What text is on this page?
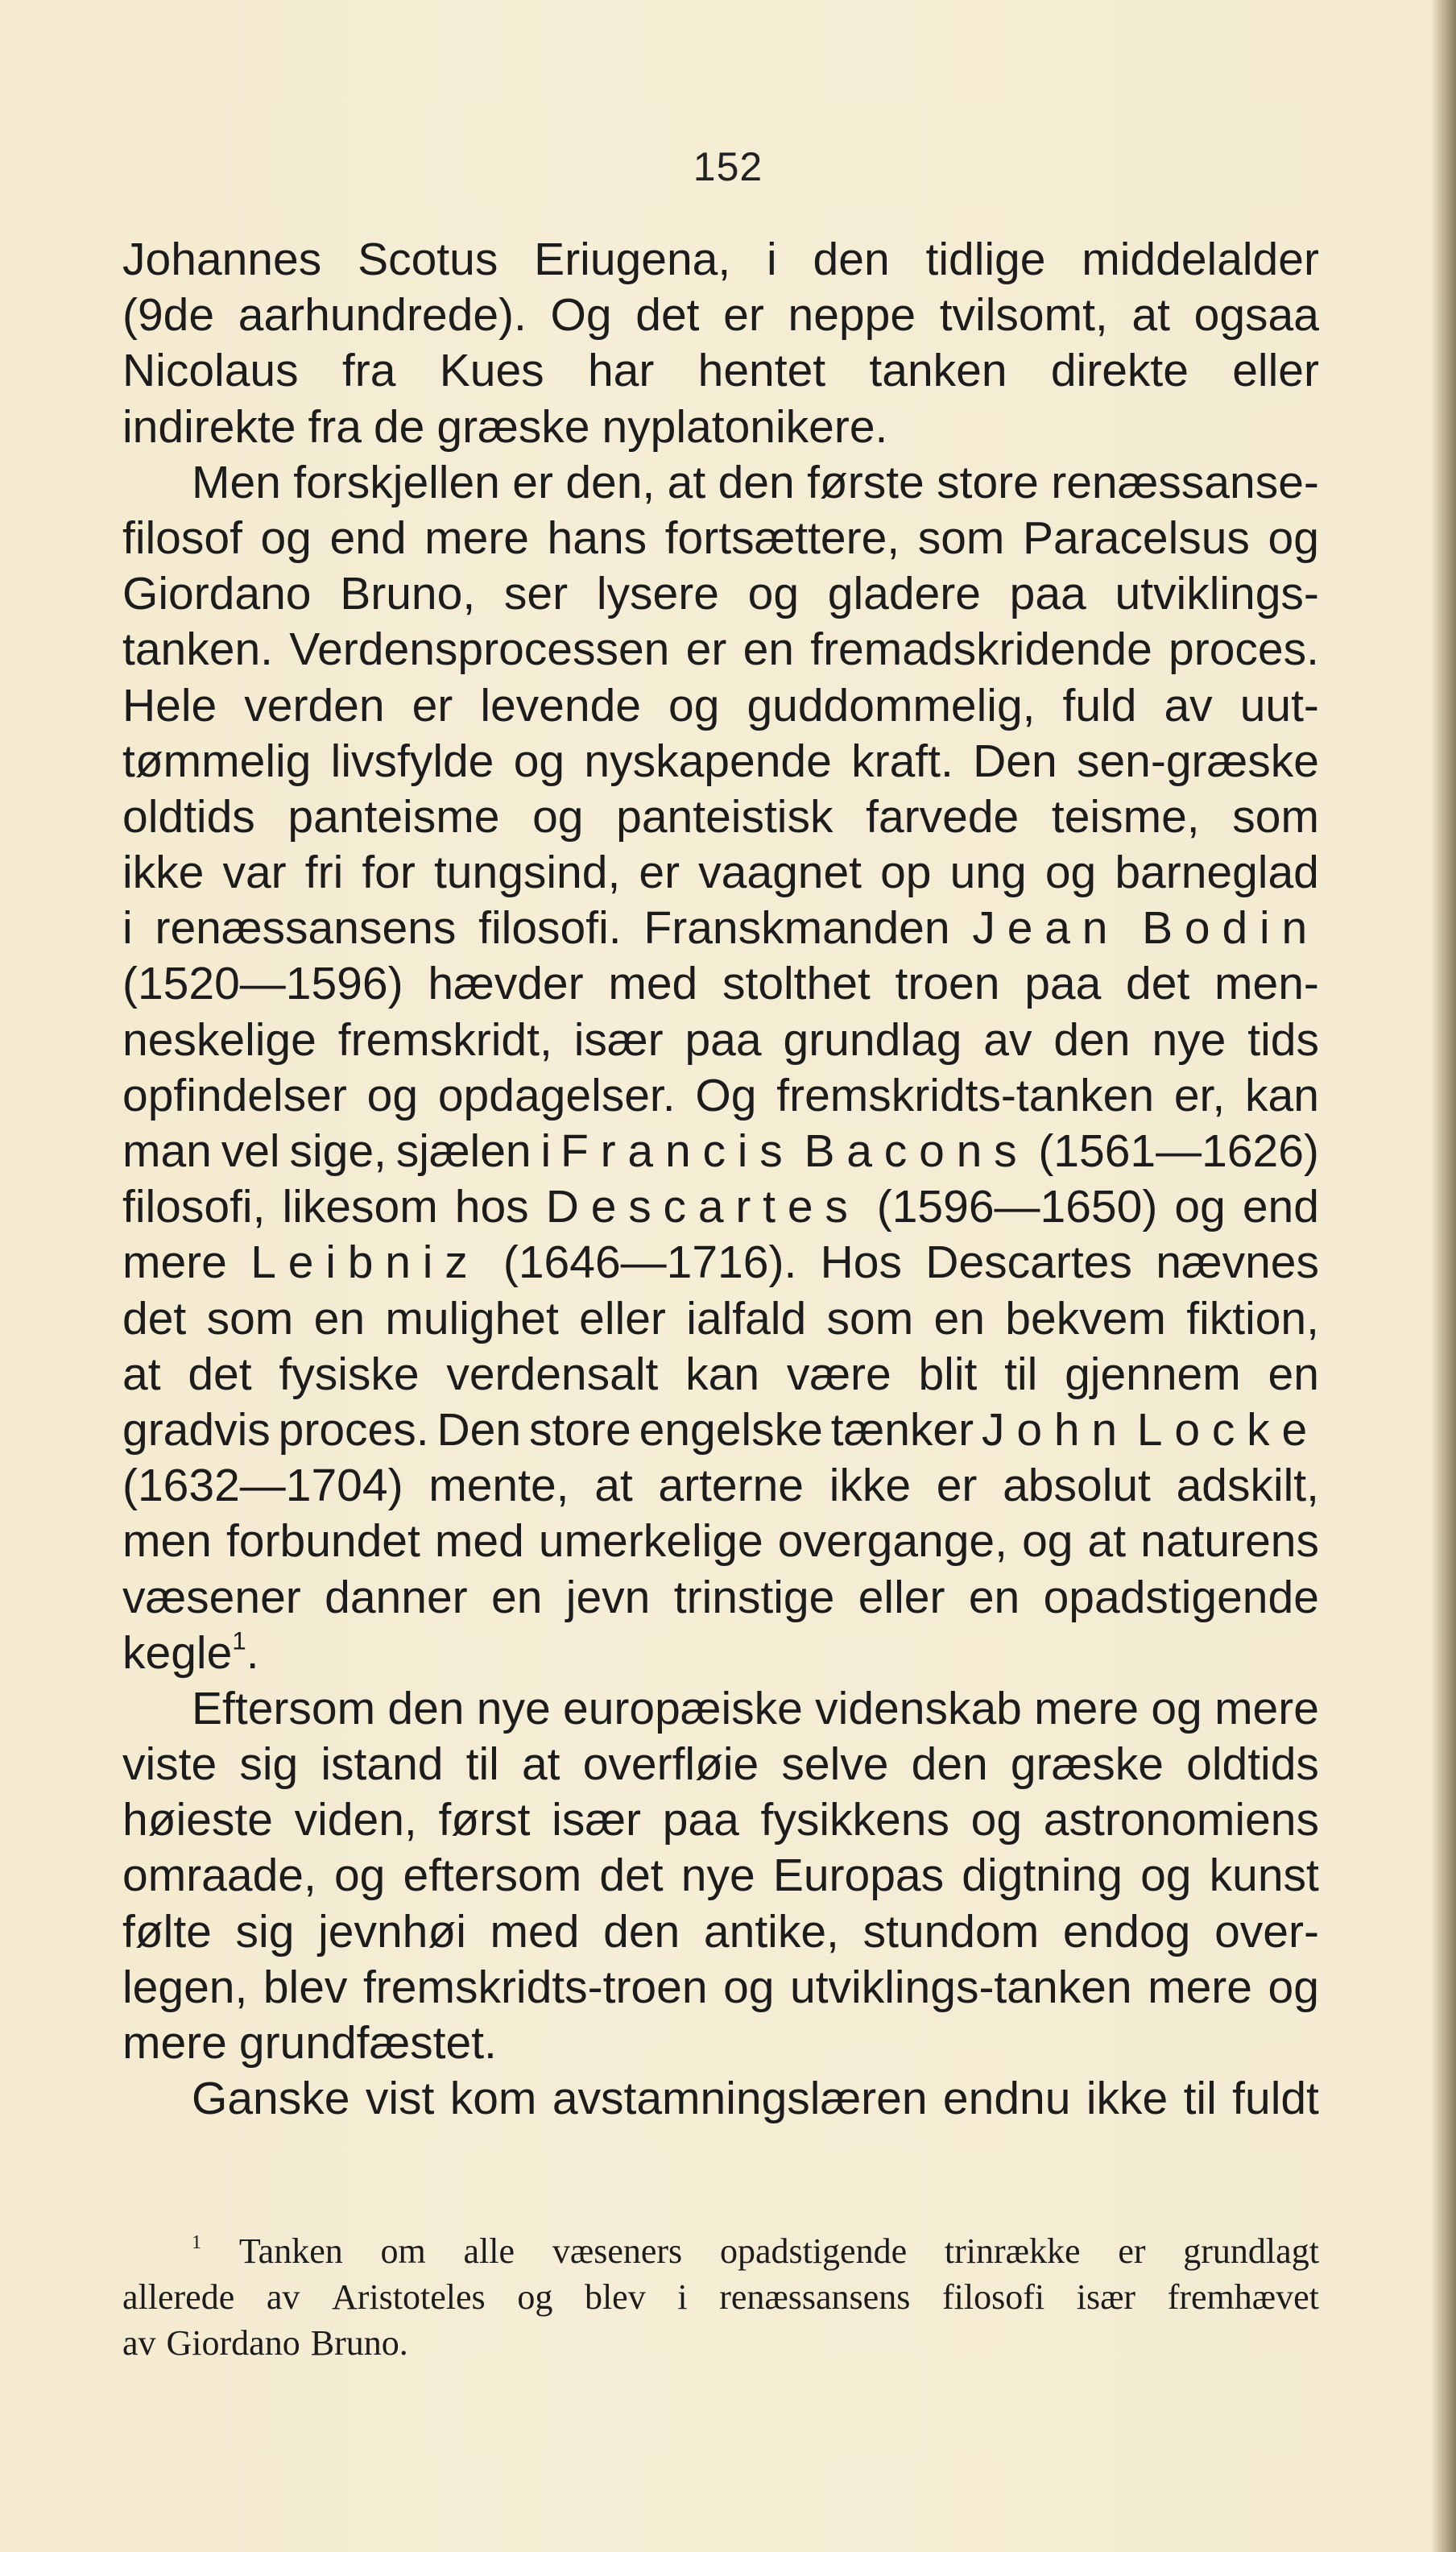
152
Johannes Scotus Eriugena, i den tidlige middelalder
(9de aarhundrede). Og det er neppe tvilsomt, at ogsaa
Nicolaus fra Kues har hentet tanken direkte eller
indirekte fra de græske nyplatonikere.
Men forskjellen er den, at den første store renæssanse-
filosof og end mere hans fortsættere, som Paracelsus og
Giordano Bruno, ser lysere og gladere paa utviklings-
tanken. Verdensprocessen er en fremadskridende proces.
Hele verden er levende og guddommelig, fuld av uut-
tømmelig livsfylde og nyskapende kraft. Den sen-græske
oldtids panteisme og panteistisk farvede teisme, som
ikke var fri for tungsind, er vaagnet op ung og barneglad
i renæssansens filosofi. Franskmanden Jean Bodin
(1520—1596) hævder med stolthet troen paa det men-
neskelige fremskridt, især paa grundlag av den nye tids
opfindelser og opdagelser. Og fremskridts-tanken er, kan
man vel sige, sjælen i Francis Bacons (1561—1626)
filosofi, likesom hos Descartes (1596—1650) og end
mere Leibniz (1646—1716). Hos Descartes nævnes
det som en mulighet eller ialfald som en bekvem fiktion,
at det fysiske verdensalt kan være blit til gjennem en
gradvis proces. Den store engelske tænker John Locke
(1632—1704) mente, at arterne ikke er absolut adskilt,
men forbundet med umerkelige overgange, og at naturens
væsener danner en jevn trinstige eller en opadstigende
kegle$^1$.
Eftersom den nye europæiske videnskab mere og mere
viste sig istand til at overfløie selve den græske oldtids
høieste viden, først især paa fysikkens og astronomiens
omraade, og eftersom det nye Europas digtning og kunst
følte sig jevnhøi med den antike, stundom endog over-
legen, blev fremskridts-troen og utviklings-tanken mere og
mere grundfæstet.
Ganske vist kom avstamningslæren endnu ikke til fuldt
$^1$ Tanken om alle væseners opadstigende trinrække er grundlagt
allerede av Aristoteles og blev i renæssansens filosofi især fremhævet
av Giordano Bruno.
